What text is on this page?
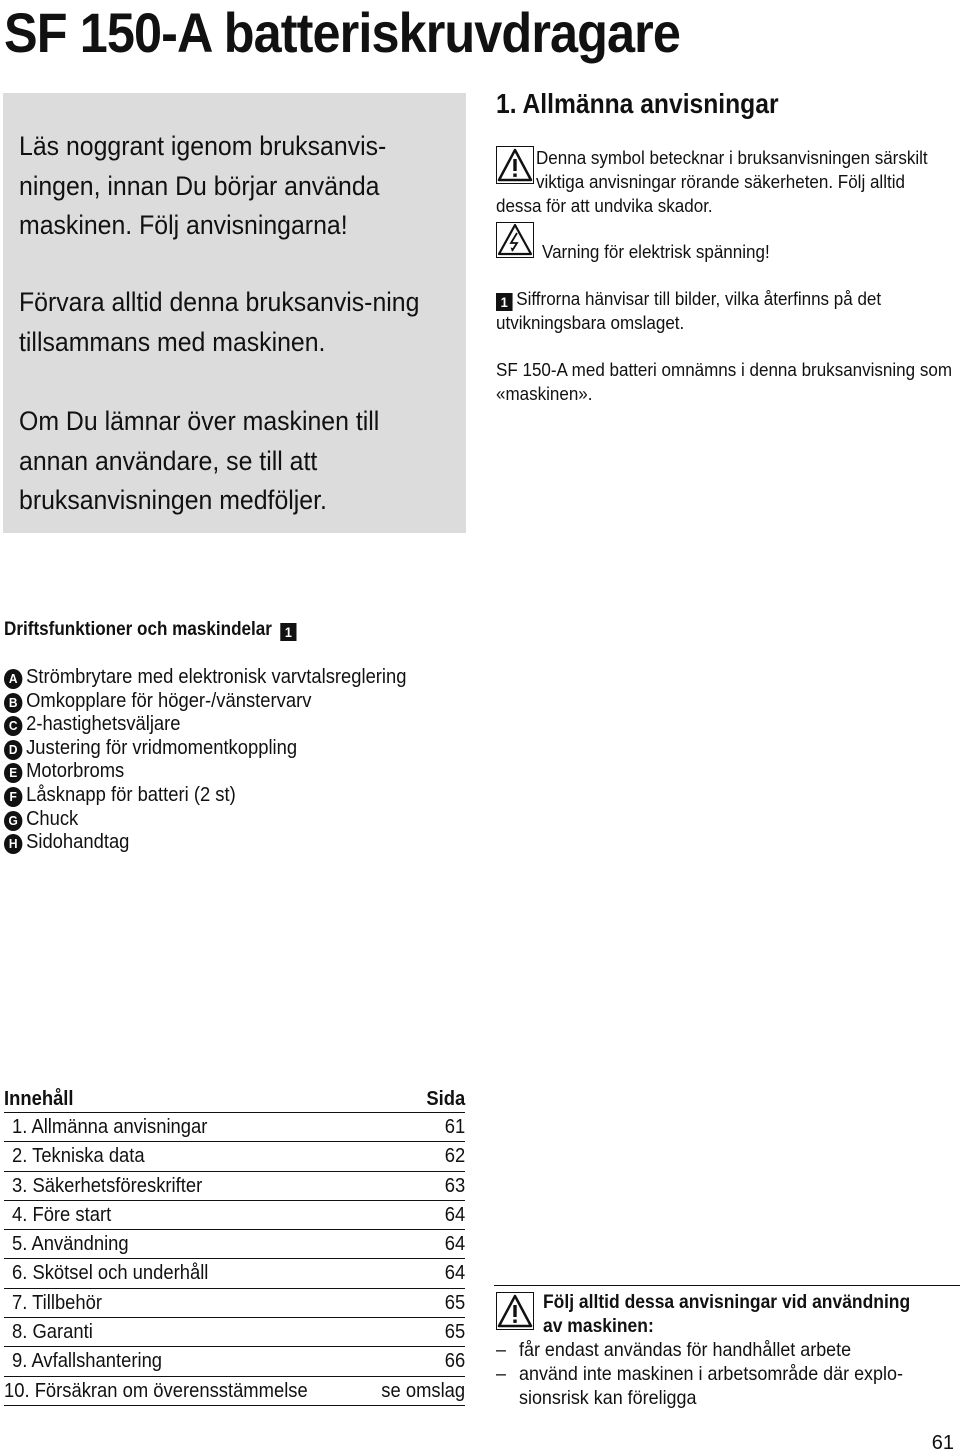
SF 150-A batteriskruvdragare

Läs noggrant igenom bruksanvis-ningen, innan Du börjar använda maskinen. Följ anvisningarna!

Förvara alltid denna bruksanvis-ning tillsammans med maskinen.

Om Du lämnar över maskinen till annan användare, se till att bruksanvisningen medföljer.

1. Allmänna anvisningar
Denna symbol betecknar i bruksanvisningen särskilt viktiga anvisningar rörande säkerheten. Följ alltid
dessa för att undvika skador.
Varning för elektrisk spänning!
1 Siffrorna hänvisar till bilder, vilka återfinns på det utvikningsbara omslaget.
SF 150-A med batteri omnämns i denna bruksanvisning som «maskinen».
Driftsfunktioner och maskindelar 1
A Strömbrytare med elektronisk varvtalsreglering
B Omkopplare för höger-/vänstervarv
C 2-hastighetsväljare
D Justering för vridmomentkoppling
E Motorbroms
F Låsknapp för batteri (2 st)
G Chuck
H Sidohandtag
Innehåll	Sida
1. Allmänna anvisningar	61
2. Tekniska data	62
3. Säkerhetsföreskrifter	63
4. Före start	64
5. Användning	64
6. Skötsel och underhåll	64
7. Tillbehör	65
8. Garanti	65
9. Avfallshantering	66
10. Försäkran om överensstämmelse	se omslag
Följ alltid dessa anvisningar vid användning av maskinen:
– får endast användas för handhållet arbete
– använd inte maskinen i arbetsområde där explo-sionsrisk kan föreligga
61
